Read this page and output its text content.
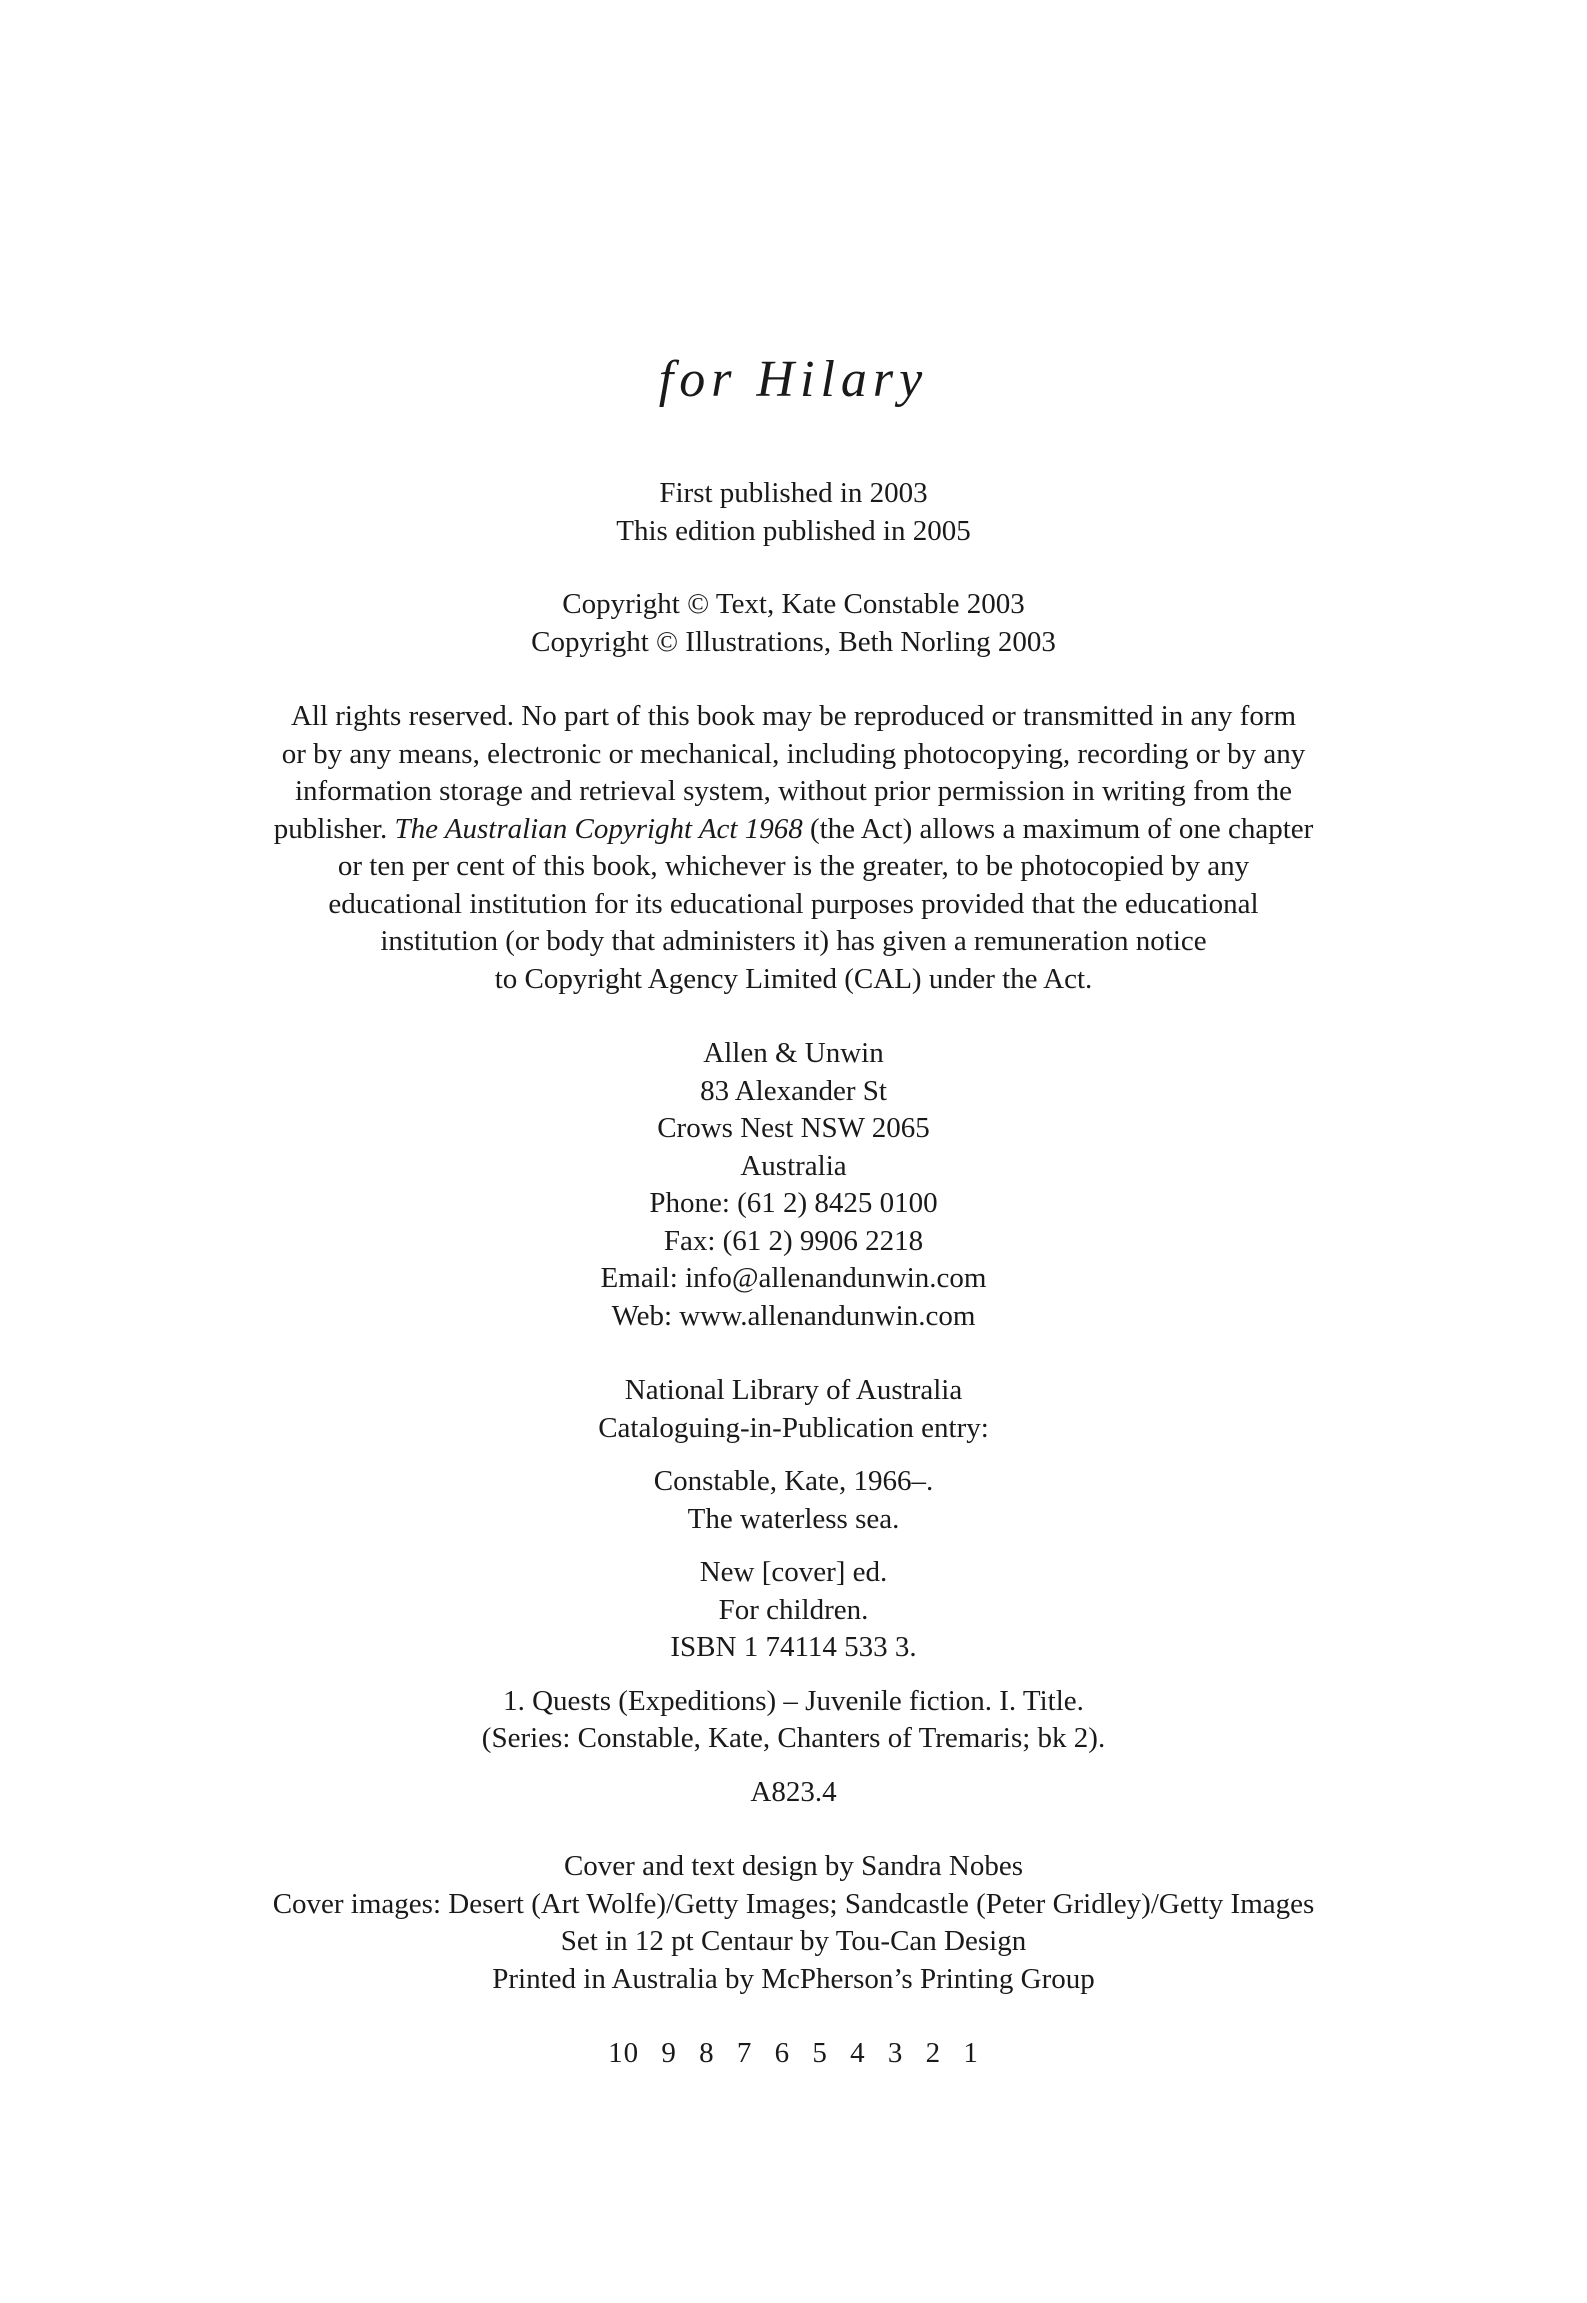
for Hilary

First published in 2003
This edition published in 2005
Copyright © Text, Kate Constable 2003
Copyright © Illustrations, Beth Norling 2003
All rights reserved. No part of this book may be reproduced or transmitted in any form
or by any means, electronic or mechanical, including photocopying, recording or by any
information storage and retrieval system, without prior permission in writing from the
publisher. The Australian Copyright Act 1968 (the Act) allows a maximum of one chapter
or ten per cent of this book, whichever is the greater, to be photocopied by any
educational institution for its educational purposes provided that the educational
institution (or body that administers it) has given a remuneration notice
to Copyright Agency Limited (CAL) under the Act.
Allen & Unwin
83 Alexander St
Crows Nest NSW 2065
Australia
Phone: (61 2) 8425 0100
Fax: (61 2) 9906 2218
Email: info@allenandunwin.com
Web: www.allenandunwin.com
National Library of Australia
Cataloguing-in-Publication entry:
Constable, Kate, 1966–.
The waterless sea.
New [cover] ed.
For children.
ISBN 1 74114 533 3.
1. Quests (Expeditions) – Juvenile fiction. I. Title.
(Series: Constable, Kate, Chanters of Tremaris; bk 2).
A823.4
Cover and text design by Sandra Nobes
Cover images: Desert (Art Wolfe)/Getty Images; Sandcastle (Peter Gridley)/Getty Images
Set in 12 pt Centaur by Tou-Can Design
Printed in Australia by McPherson’s Printing Group
10 9 8 7 6 5 4 3 2 1
